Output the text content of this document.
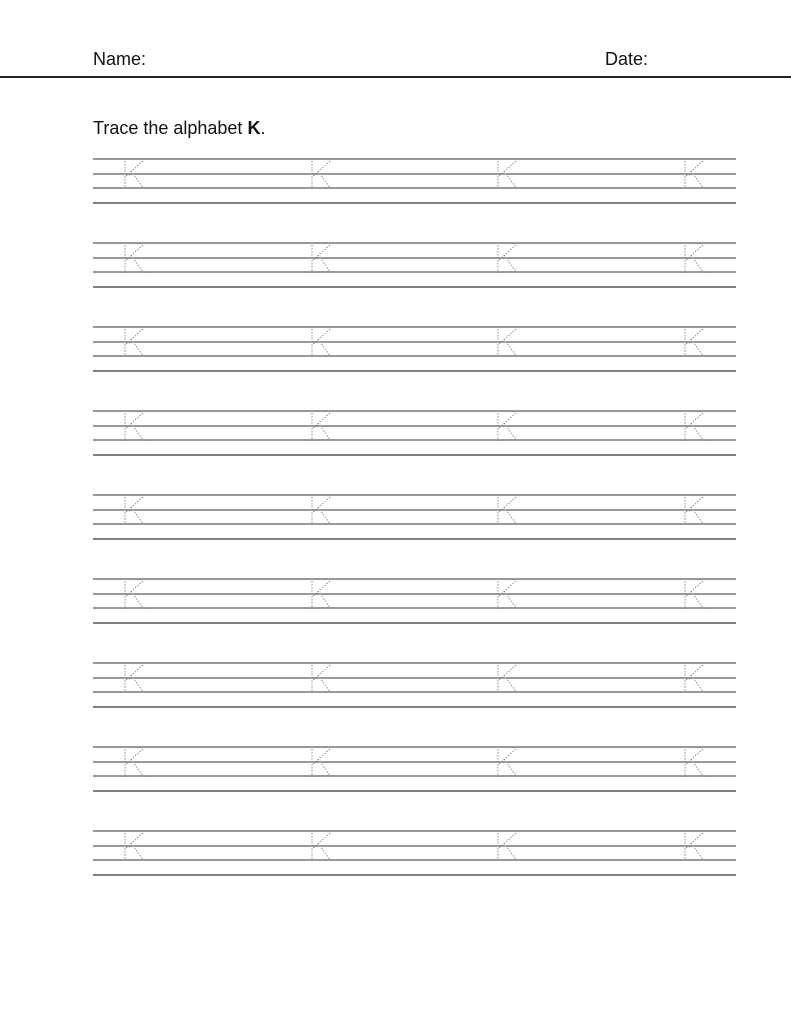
Name:	Date:

Trace the alphabet K.
